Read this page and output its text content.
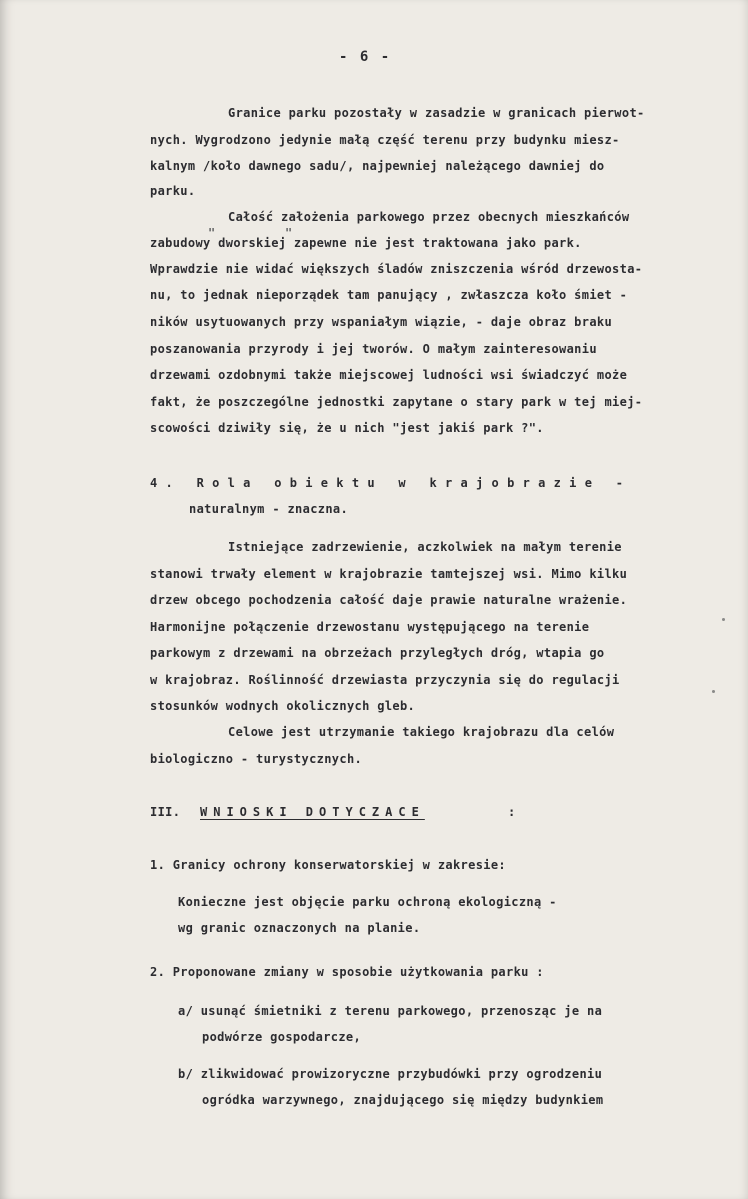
- 6 -
Granice parku pozostały w zasadzie w granicach pierwot-
nych. Wygrodzono jedynie małą część terenu przy budynku miesz-
kalnym /koło dawnego sadu/, najpewniej należącego dawniej do
parku.
Całość założenia parkowego przez obecnych mieszkańców
"	"
zabudowy dworskiej zapewne nie jest traktowana jako park.
Wprawdzie nie widać większych śladów zniszczenia wśród drzewosta-
nu, to jednak nieporządek tam panujący , zwłaszcza koło śmiet -
ników usytuowanych przy wspaniałym wiązie, - daje obraz braku
poszanowania przyrody i jej tworów. O małym zainteresowaniu
drzewami ozdobnymi także miejscowej ludności wsi świadczyć może
fakt, że poszczególne jednostki zapytane o stary park w tej miej-
scowości dziwiły się, że u nich "jest jakiś park ?".
4. Rola obiektu w krajobrazie -
naturalnym - znaczna.
Istniejące zadrzewienie, aczkolwiek na małym terenie
stanowi trwały element w krajobrazie tamtejszej wsi. Mimo kilku
drzew obcego pochodzenia całość daje prawie naturalne wrażenie.
Harmonijne połączenie drzewostanu występującego na terenie
parkowym z drzewami na obrzeżach przyległych dróg, wtapia go
w krajobraz. Roślinność drzewiasta przyczynia się do regulacji
stosunków wodnych okolicznych gleb.
Celowe jest utrzymanie takiego krajobrazu dla celów
biologiczno - turystycznych.
III. WNIOSKI DOTYCZACE	:
1. Granicy ochrony konserwatorskiej w zakresie:
Konieczne jest objęcie parku ochroną ekologiczną -
wg granic oznaczonych na planie.
2. Proponowane zmiany w sposobie użytkowania parku :
a/ usunąć śmietniki z terenu parkowego, przenosząc je na
podwórze gospodarcze,
b/ zlikwidować prowizoryczne przybudówki przy ogrodzeniu
ogródka warzywnego, znajdującego się między budynkiem
